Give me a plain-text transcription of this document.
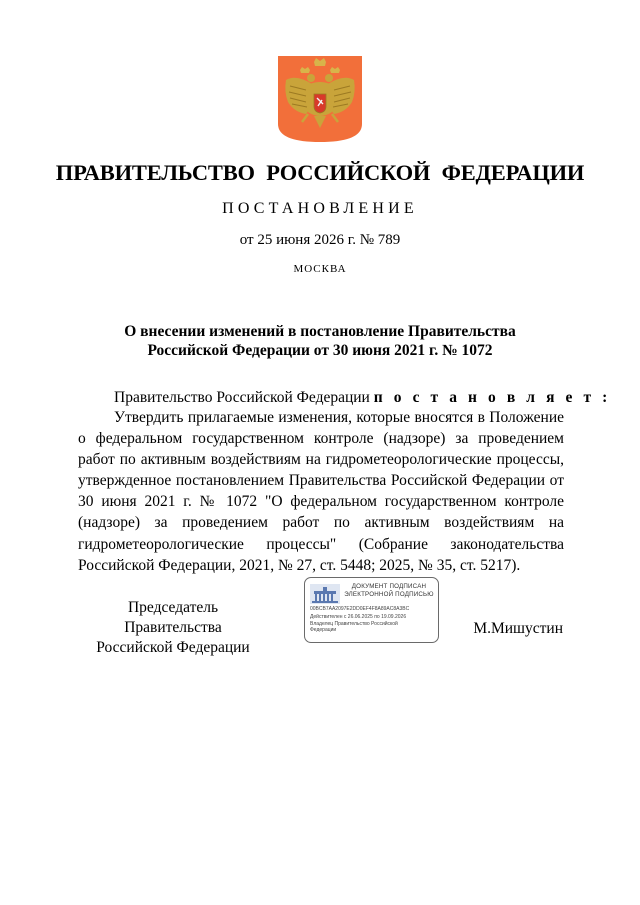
ПРАВИТЕЛЬСТВО РОССИЙСКОЙ ФЕДЕРАЦИИ
ПОСТАНОВЛЕНИЕ
от 25 июня 2026 г. № 789
МОСКВА
О внесении изменений в постановление Правительства
Российской Федерации от 30 июня 2021 г. № 1072
Правительство Российской Федерации п о с т а н о в л я е т :
Утвердить прилагаемые изменения, которые вносятся в Положение о федеральном государственном контроле (надзоре) за проведением работ по активным воздействиям на гидрометеорологические процессы, утвержденное постановлением Правительства Российской Федерации от 30 июня 2021 г. № 1072 "О федеральном государственном контроле (надзоре) за проведением работ по активным воздействиям на гидрометеорологические процессы" (Собрание законодательства Российской Федерации, 2021, № 27, ст. 5448; 2025, № 35, ст. 5217).
Председатель Правительства
Российской Федерации
ДОКУМЕНТ ПОДПИСАН
ЭЛЕКТРОННОЙ ПОДПИСЬЮ
00BCB7AA2097E2DD0EF4F8A89AC8A3BC
Действителен с 26.06.2025 по 19.09.2026
Владелец Правительство Российской
Федерации	М.Мишустин
